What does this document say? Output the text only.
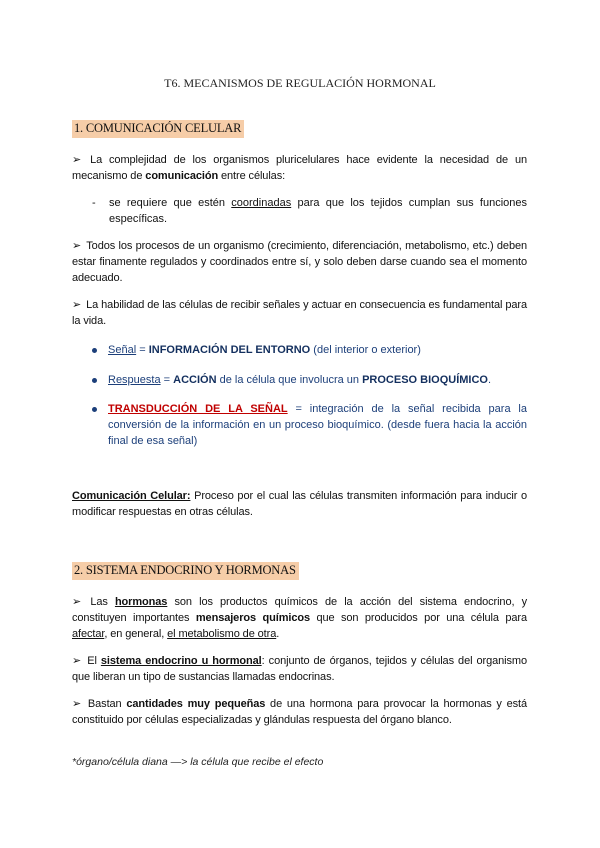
T6. MECANISMOS DE REGULACIÓN HORMONAL
1. COMUNICACIÓN CELULAR
➢ La complejidad de los organismos pluricelulares hace evidente la necesidad de un mecanismo de comunicación entre células:
- se requiere que estén coordinadas para que los tejidos cumplan sus funciones específicas.
➢ Todos los procesos de un organismo (crecimiento, diferenciación, metabolismo, etc.) deben estar finamente regulados y coordinados entre sí, y solo deben darse cuando sea el momento adecuado.
➢ La habilidad de las células de recibir señales y actuar en consecuencia es fundamental para la vida.
Señal = INFORMACIÓN DEL ENTORNO (del interior o exterior)
Respuesta = ACCIÓN de la célula que involucra un PROCESO BIOQUÍMICO.
TRANSDUCCIÓN DE LA SEÑAL = integración de la señal recibida para la conversión de la información en un proceso bioquímico. (desde fuera hacia la acción final de esa señal)
Comunicación Celular: Proceso por el cual las células transmiten información para inducir o modificar respuestas en otras células.
2. SISTEMA ENDOCRINO Y HORMONAS
➢ Las hormonas son los productos químicos de la acción del sistema endocrino, y constituyen importantes mensajeros químicos que son producidos por una célula para afectar, en general, el metabolismo de otra.
➢ El sistema endocrino u hormonal: conjunto de órganos, tejidos y células del organismo que liberan un tipo de sustancias llamadas endocrinas.
➢ Bastan cantidades muy pequeñas de una hormona para provocar la hormonas y está constituido por células especializadas y glándulas respuesta del órgano blanco.
*órgano/célula diana —> la célula que recibe el efecto
